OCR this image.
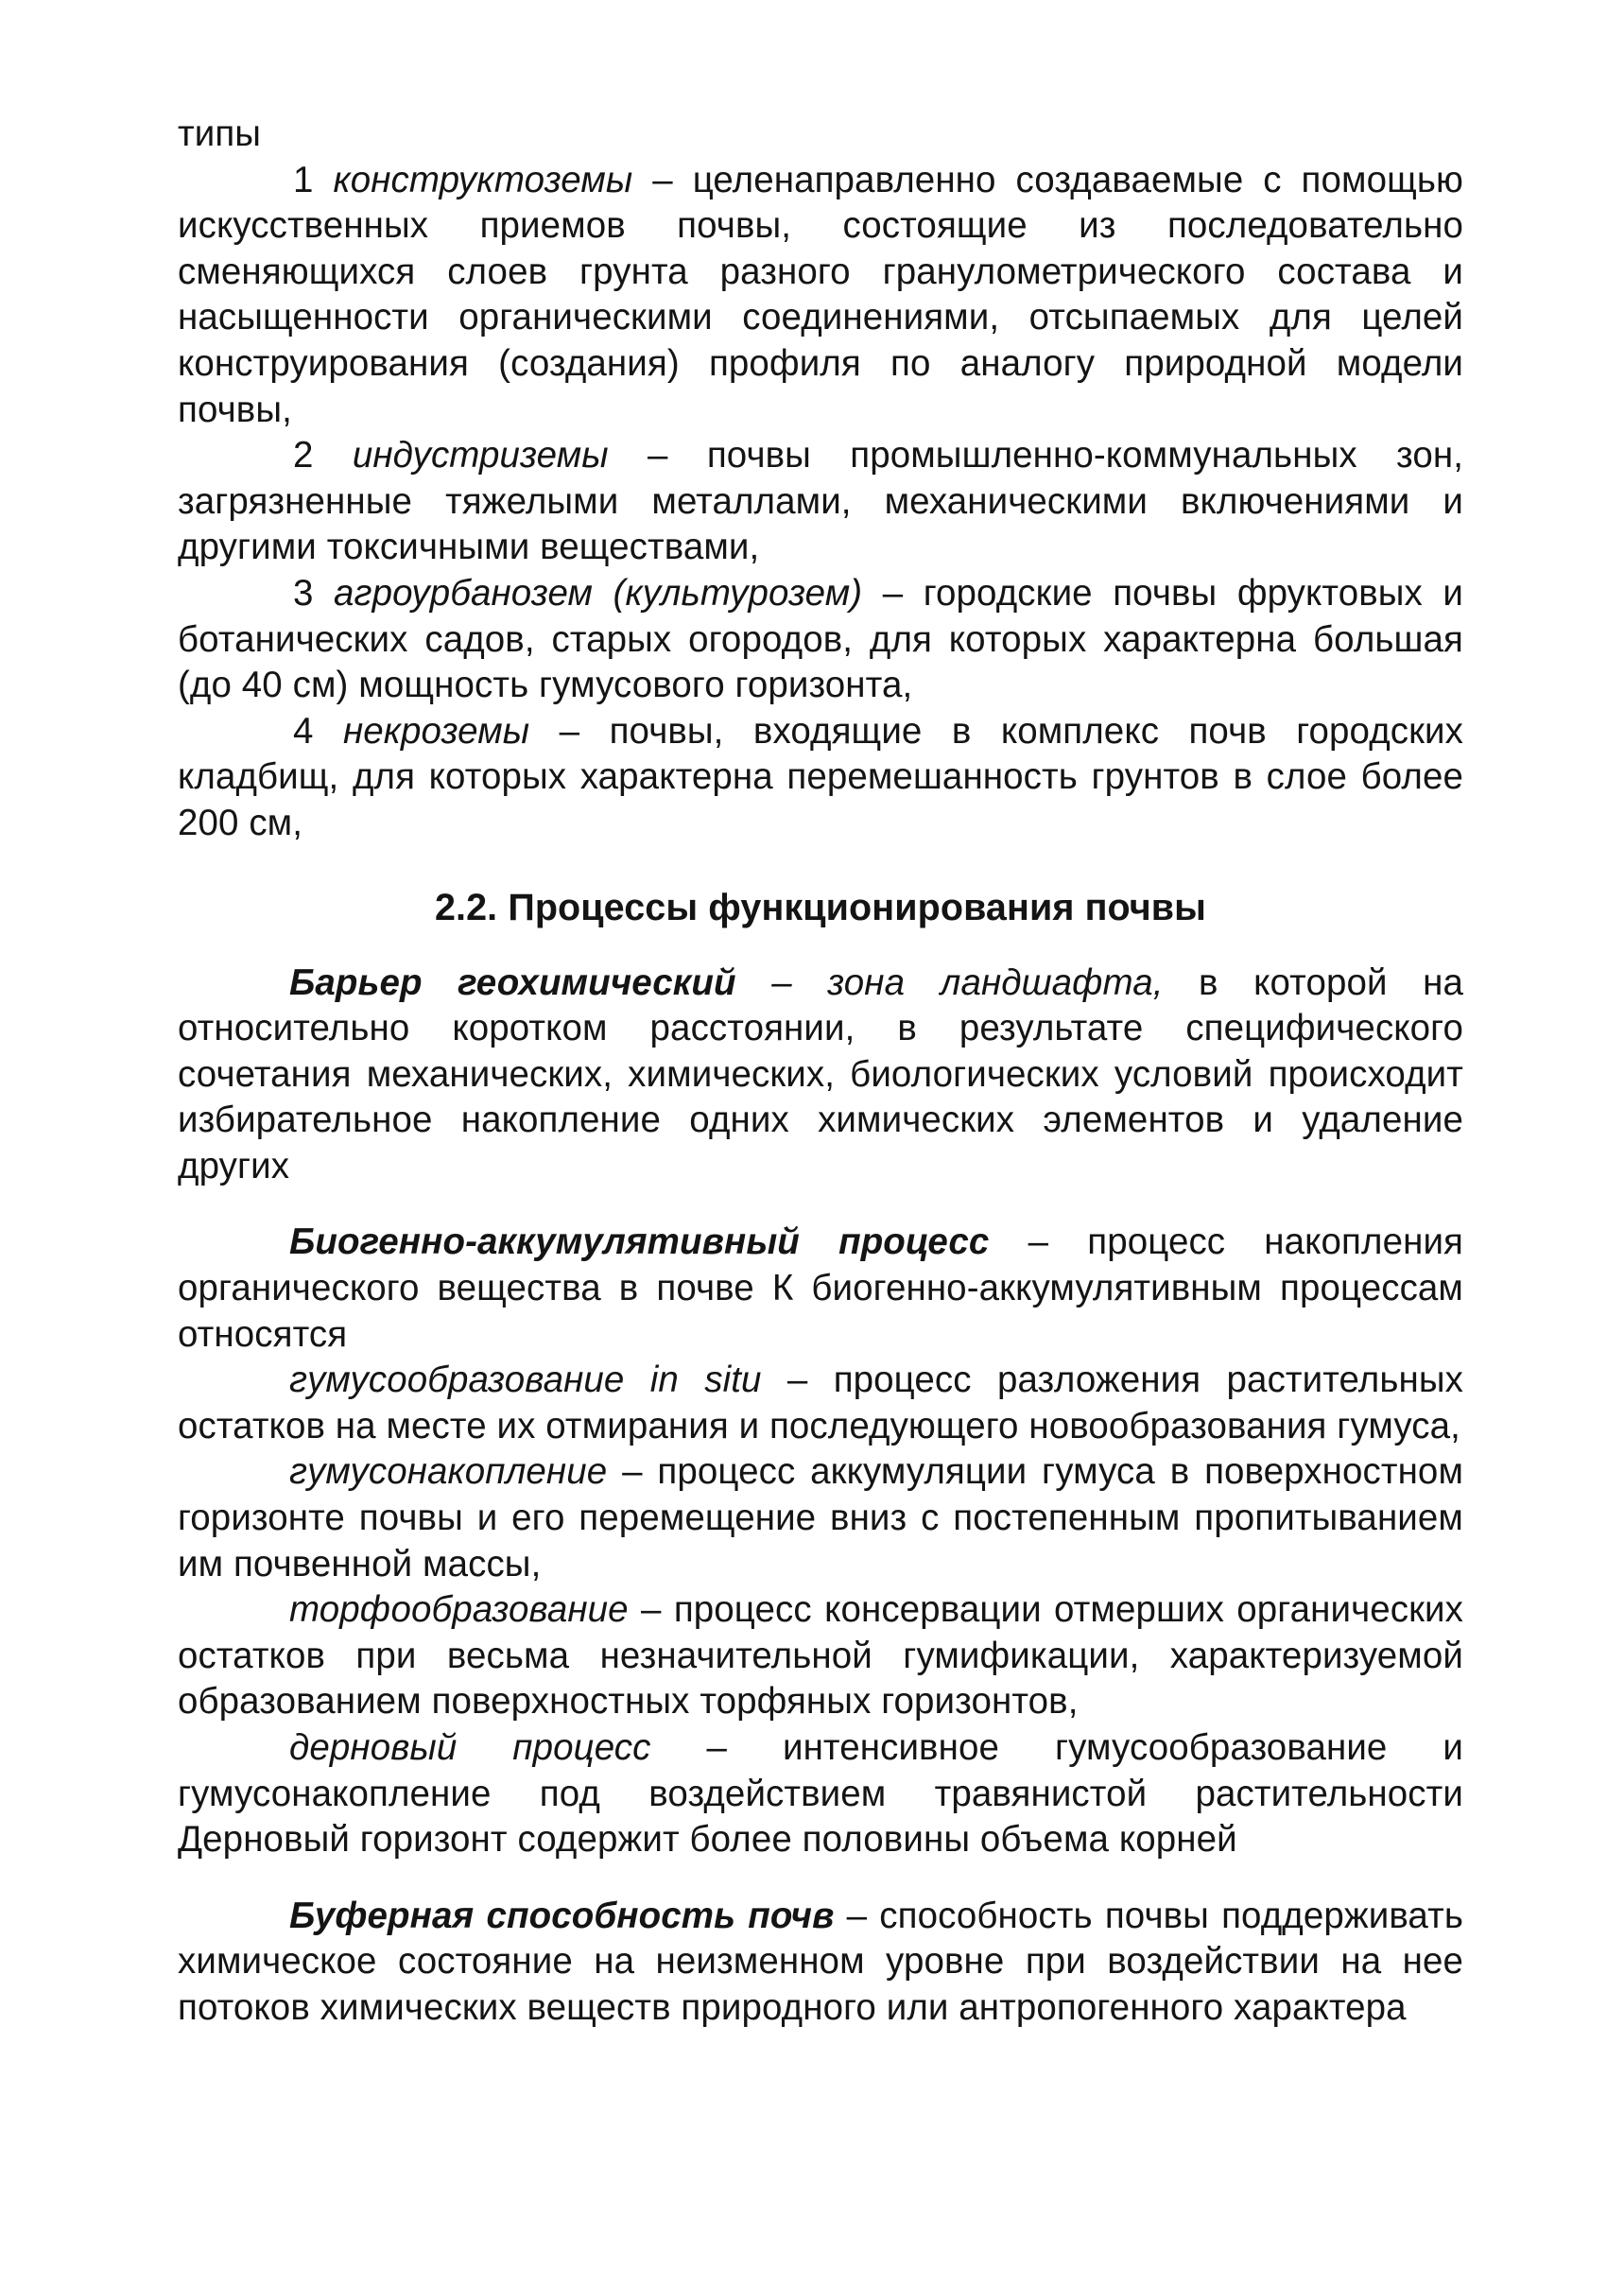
типы

1 конструктоземы – целенаправленно создаваемые с помощью искусственных приемов почвы, состоящие из последовательно сменяющихся слоев грунта разного гранулометрического состава и насыщенности органическими соединениями, отсыпаемых для целей конструирования (создания) профиля по аналогу природной модели почвы,

2 индустриземы – почвы промышленно-коммунальных зон, загрязненные тяжелыми металлами, механическими включениями и другими токсичными веществами,

3 агроурбанозем (культурозем) – городские почвы фруктовых и ботанических садов, старых огородов, для которых характерна большая (до 40 см) мощность гумусового горизонта,

4 некроземы – почвы, входящие в комплекс почв городских кладбищ, для которых характерна перемешанность грунтов в слое более 200 см,

2.2. Процессы функционирования почвы

Барьер геохимический – зона ландшафта, в которой на относительно коротком расстоянии, в результате специфического сочетания механических, химических, биологических условий происходит избирательное накопление одних химических элементов и удаление других

Биогенно-аккумулятивный процесс – процесс накопления органического вещества в почве К биогенно-аккумулятивным процессам относятся

гумусообразование in situ – процесс разложения растительных остатков на месте их отмирания и последующего новообразования гумуса,

гумусонакопление – процесс аккумуляции гумуса в поверхностном горизонте почвы и его перемещение вниз с постепенным пропитыванием им почвенной массы,

торфообразование – процесс консервации отмерших органических остатков при весьма незначительной гумификации, характеризуемой образованием поверхностных торфяных горизонтов,

дерновый процесс – интенсивное гумусообразование и гумусонакопление под воздействием травянистой растительности Дерновый горизонт содержит более половины объема корней

Буферная способность почв – способность почвы поддерживать химическое состояние на неизменном уровне при воздействии на нее потоков химических веществ природного или антропогенного характера
